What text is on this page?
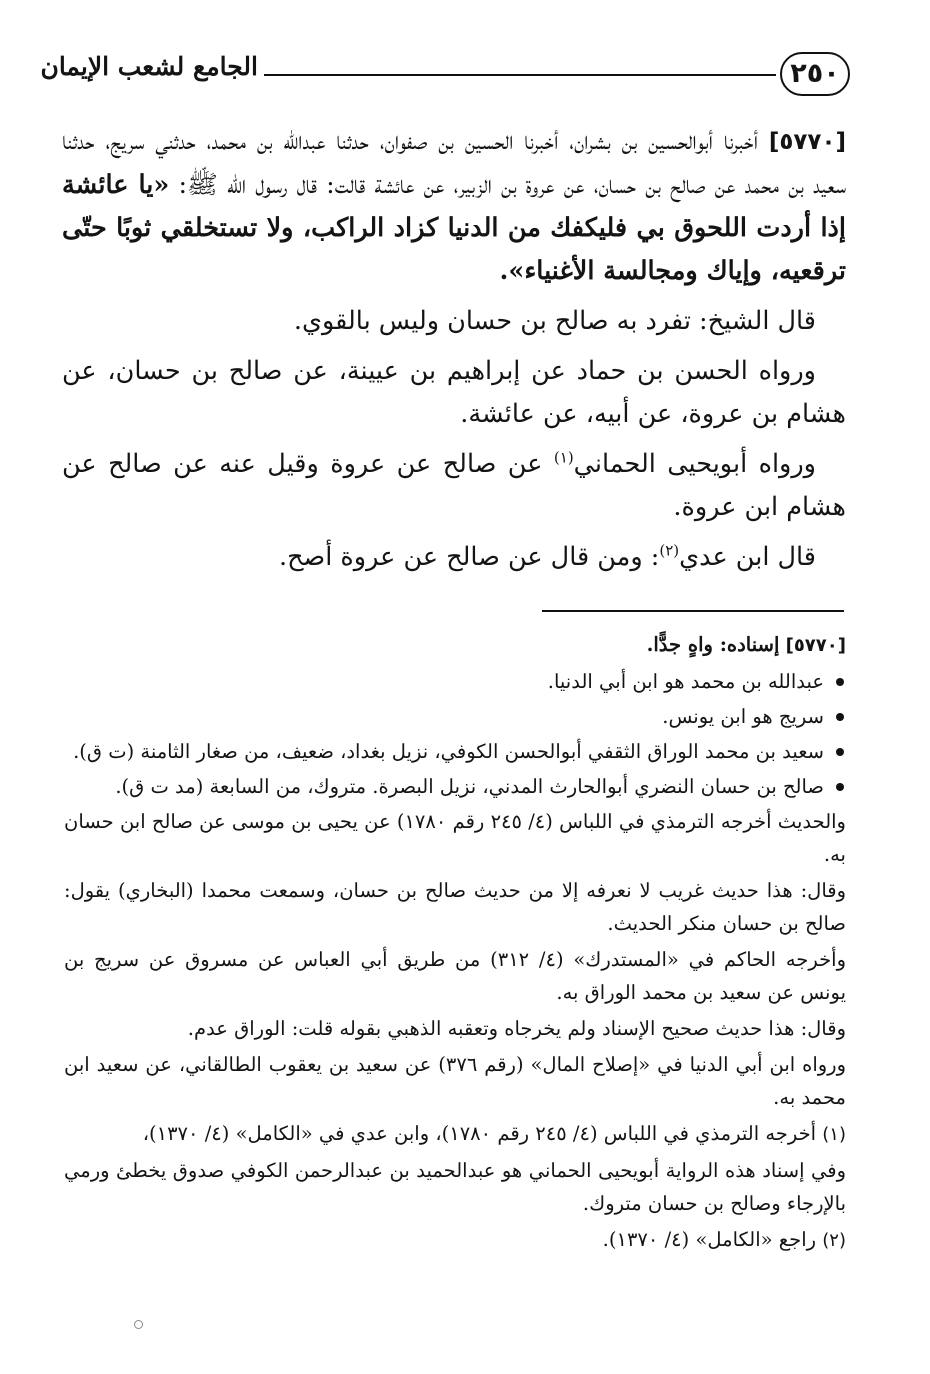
٢٥٠
الجامع لشعب الإيمان

[٥٧٧٠] أخبرنا أبوالحسين بن بشران، أخبرنا الحسين بن صفوان، حدثنا عبدالله بن محمد، حدثني سريج، حدثنا سعيد بن محمد عن صالح بن حسان، عن عروة بن الزبير، عن عائشة قالت: قال رسول الله ﷺ: «يا عائشة إذا أردت اللحوق بي فليكفك من الدنيا كزاد الراكب، ولا تستخلقي ثوبًا حتّى ترقعيه، وإياك ومجالسة الأغنياء».

قال الشيخ: تفرد به صالح بن حسان وليس بالقوي.

ورواه الحسن بن حماد عن إبراهيم بن عيينة، عن صالح بن حسان، عن هشام بن عروة، عن أبيه، عن عائشة.

ورواه أبويحيى الحماني$^{(١)}$ عن صالح عن عروة وقيل عنه عن صالح عن هشام ابن عروة.

قال ابن عدي$^{(٢)}$: ومن قال عن صالح عن عروة أصح.

[٥٧٧٠] إسناده: واهٍ جدًّا.

عبدالله بن محمد هو ابن أبي الدنيا.
سريج هو ابن يونس.
سعيد بن محمد الوراق الثقفي أبوالحسن الكوفي، نزيل بغداد، ضعيف، من صغار الثامنة (ت ق).
صالح بن حسان النضري أبوالحارث المدني، نزيل البصرة. متروك، من السابعة (مد ت ق).

والحديث أخرجه الترمذي في اللباس (٤/ ٢٤٥ رقم ١٧٨٠) عن يحيى بن موسى عن صالح ابن حسان به.

وقال: هذا حديث غريب لا نعرفه إلا من حديث صالح بن حسان، وسمعت محمدا (البخاري) يقول: صالح بن حسان منكر الحديث.

وأخرجه الحاكم في «المستدرك» (٤/ ٣١٢) من طريق أبي العباس عن مسروق عن سريج بن يونس عن سعيد بن محمد الوراق به.

وقال: هذا حديث صحيح الإسناد ولم يخرجاه وتعقبه الذهبي بقوله قلت: الوراق عدم.

ورواه ابن أبي الدنيا في «إصلاح المال» (رقم ٣٧٦) عن سعيد بن يعقوب الطالقاني، عن سعيد ابن محمد به.

(١) أخرجه الترمذي في اللباس (٤/ ٢٤٥ رقم ١٧٨٠)، وابن عدي في «الكامل» (٤/ ١٣٧٠)،

وفي إسناد هذه الرواية أبويحيى الحماني هو عبدالحميد بن عبدالرحمن الكوفي صدوق يخطئ ورمي بالإرجاء وصالح بن حسان متروك.

(٢) راجع «الكامل» (٤/ ١٣٧٠).
